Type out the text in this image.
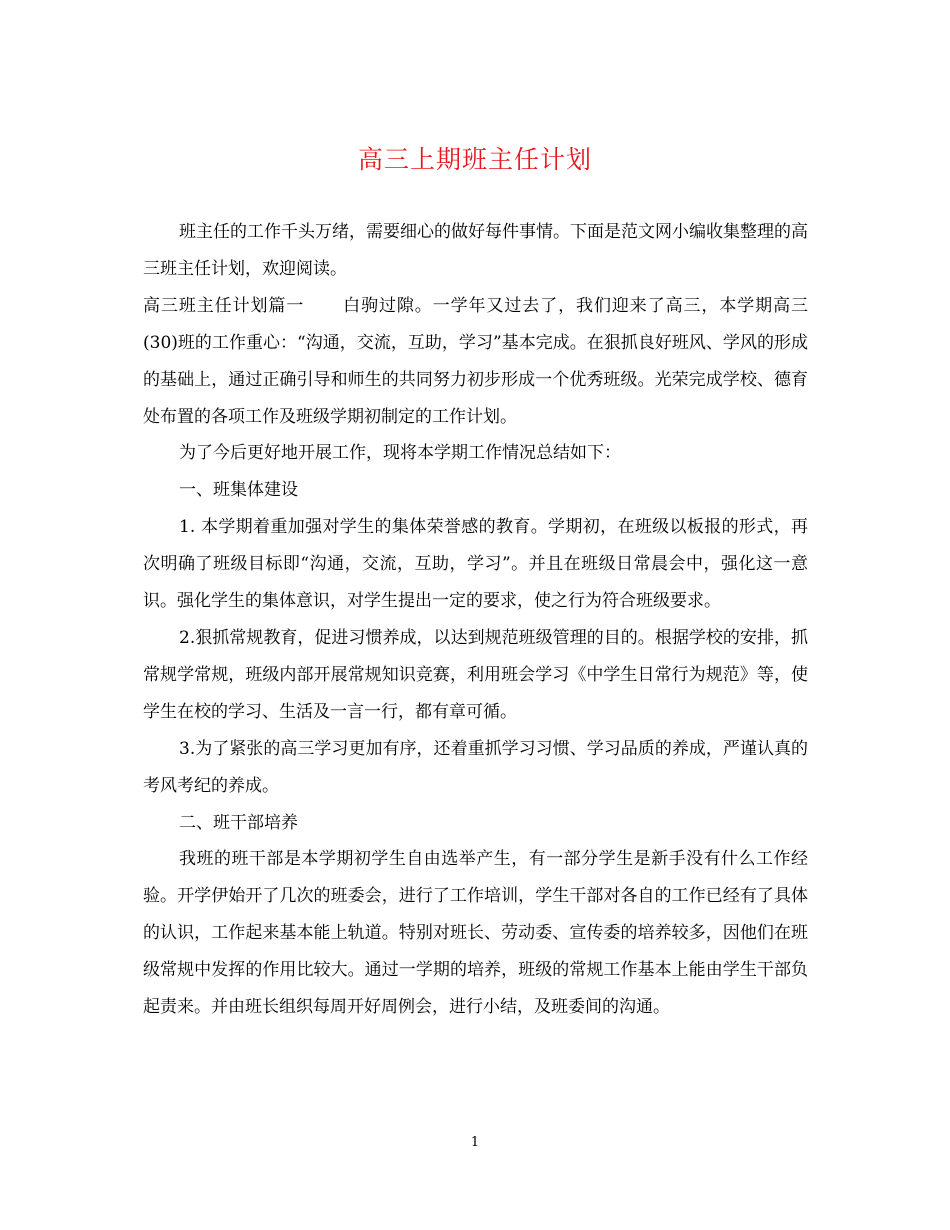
高三上期班主任计划

班主任的工作千头万绪，需要细心的做好每件事情。下面是范文网小编收集整理的高三班主任计划，欢迎阅读。

高三班主任计划篇一 白驹过隙。一学年又过去了，我们迎来了高三，本学期高三(30)班的工作重心：“沟通，交流，互助，学习”基本完成。在狠抓良好班风、学风的形成的基础上，通过正确引导和师生的共同努力初步形成一个优秀班级。光荣完成学校、德育处布置的各项工作及班级学期初制定的工作计划。

为了今后更好地开展工作，现将本学期工作情况总结如下：

一、班集体建设

1. 本学期着重加强对学生的集体荣誉感的教育。学期初，在班级以板报的形式，再次明确了班级目标即“沟通，交流，互助，学习”。并且在班级日常晨会中，强化这一意识。强化学生的集体意识，对学生提出一定的要求，使之行为符合班级要求。

2.狠抓常规教育，促进习惯养成，以达到规范班级管理的目的。根据学校的安排，抓常规学常规，班级内部开展常规知识竞赛，利用班会学习《中学生日常行为规范》等，使学生在校的学习、生活及一言一行，都有章可循。

3.为了紧张的高三学习更加有序，还着重抓学习习惯、学习品质的养成，严谨认真的考风考纪的养成。

二、班干部培养

我班的班干部是本学期初学生自由选举产生，有一部分学生是新手没有什么工作经验。开学伊始开了几次的班委会，进行了工作培训，学生干部对各自的工作已经有了具体的认识，工作起来基本能上轨道。特别对班长、劳动委、宣传委的培养较多，因他们在班级常规中发挥的作用比较大。通过一学期的培养，班级的常规工作基本上能由学生干部负起责来。并由班长组织每周开好周例会，进行小结，及班委间的沟通。

1
